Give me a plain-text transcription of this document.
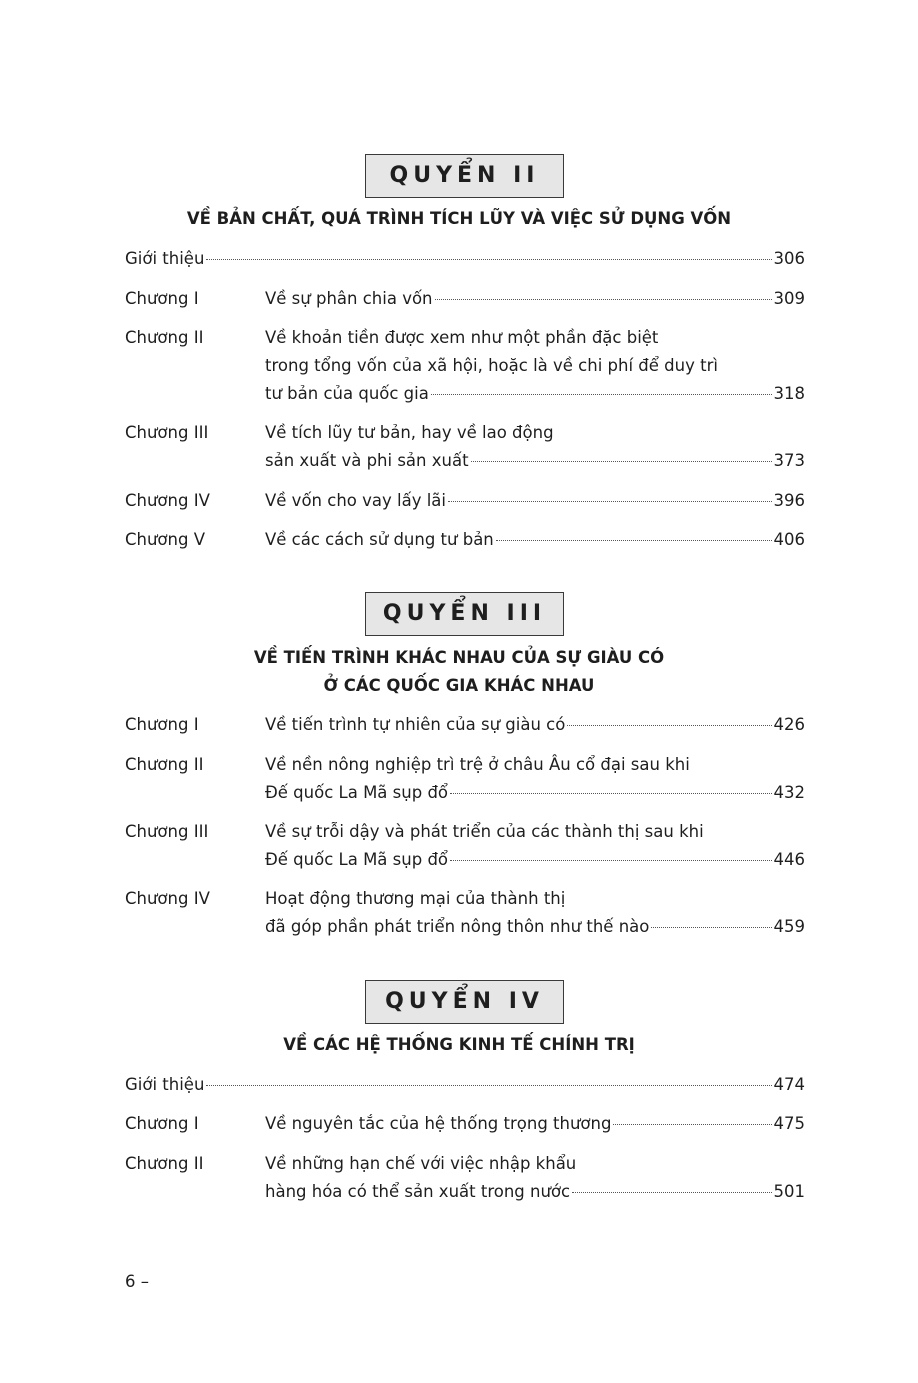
QUYỂN II
VỀ BẢN CHẤT, QUÁ TRÌNH TÍCH LŨY VÀ VIỆC SỬ DỤNG VỐN
Giới thiệu	306
Chương I	Về sự phân chia vốn	309
Chương II	Về khoản tiền được xem như một phần đặc biệt
trong tổng vốn của xã hội, hoặc là về chi phí để duy trì
tư bản của quốc gia	318
Chương III	Về tích lũy tư bản, hay về lao động
sản xuất và phi sản xuất	373
Chương IV	Về vốn cho vay lấy lãi	396
Chương V	Về các cách sử dụng tư bản	406
QUYỂN III
VỀ TIẾN TRÌNH KHÁC NHAU CỦA SỰ GIÀU CÓ
Ở CÁC QUỐC GIA KHÁC NHAU
Chương I	Về tiến trình tự nhiên của sự giàu có	426
Chương II	Về nền nông nghiệp trì trệ ở châu Âu cổ đại sau khi
Đế quốc La Mã sụp đổ	432
Chương III	Về sự trỗi dậy và phát triển của các thành thị sau khi
Đế quốc La Mã sụp đổ	446
Chương IV	Hoạt động thương mại của thành thị
đã góp phần phát triển nông thôn như thế nào	459
QUYỂN IV
VỀ CÁC HỆ THỐNG KINH TẾ CHÍNH TRỊ
Giới thiệu	474
Chương I	Về nguyên tắc của hệ thống trọng thương	475
Chương II	Về những hạn chế với việc nhập khẩu
hàng hóa có thể sản xuất trong nước	501
6 –
